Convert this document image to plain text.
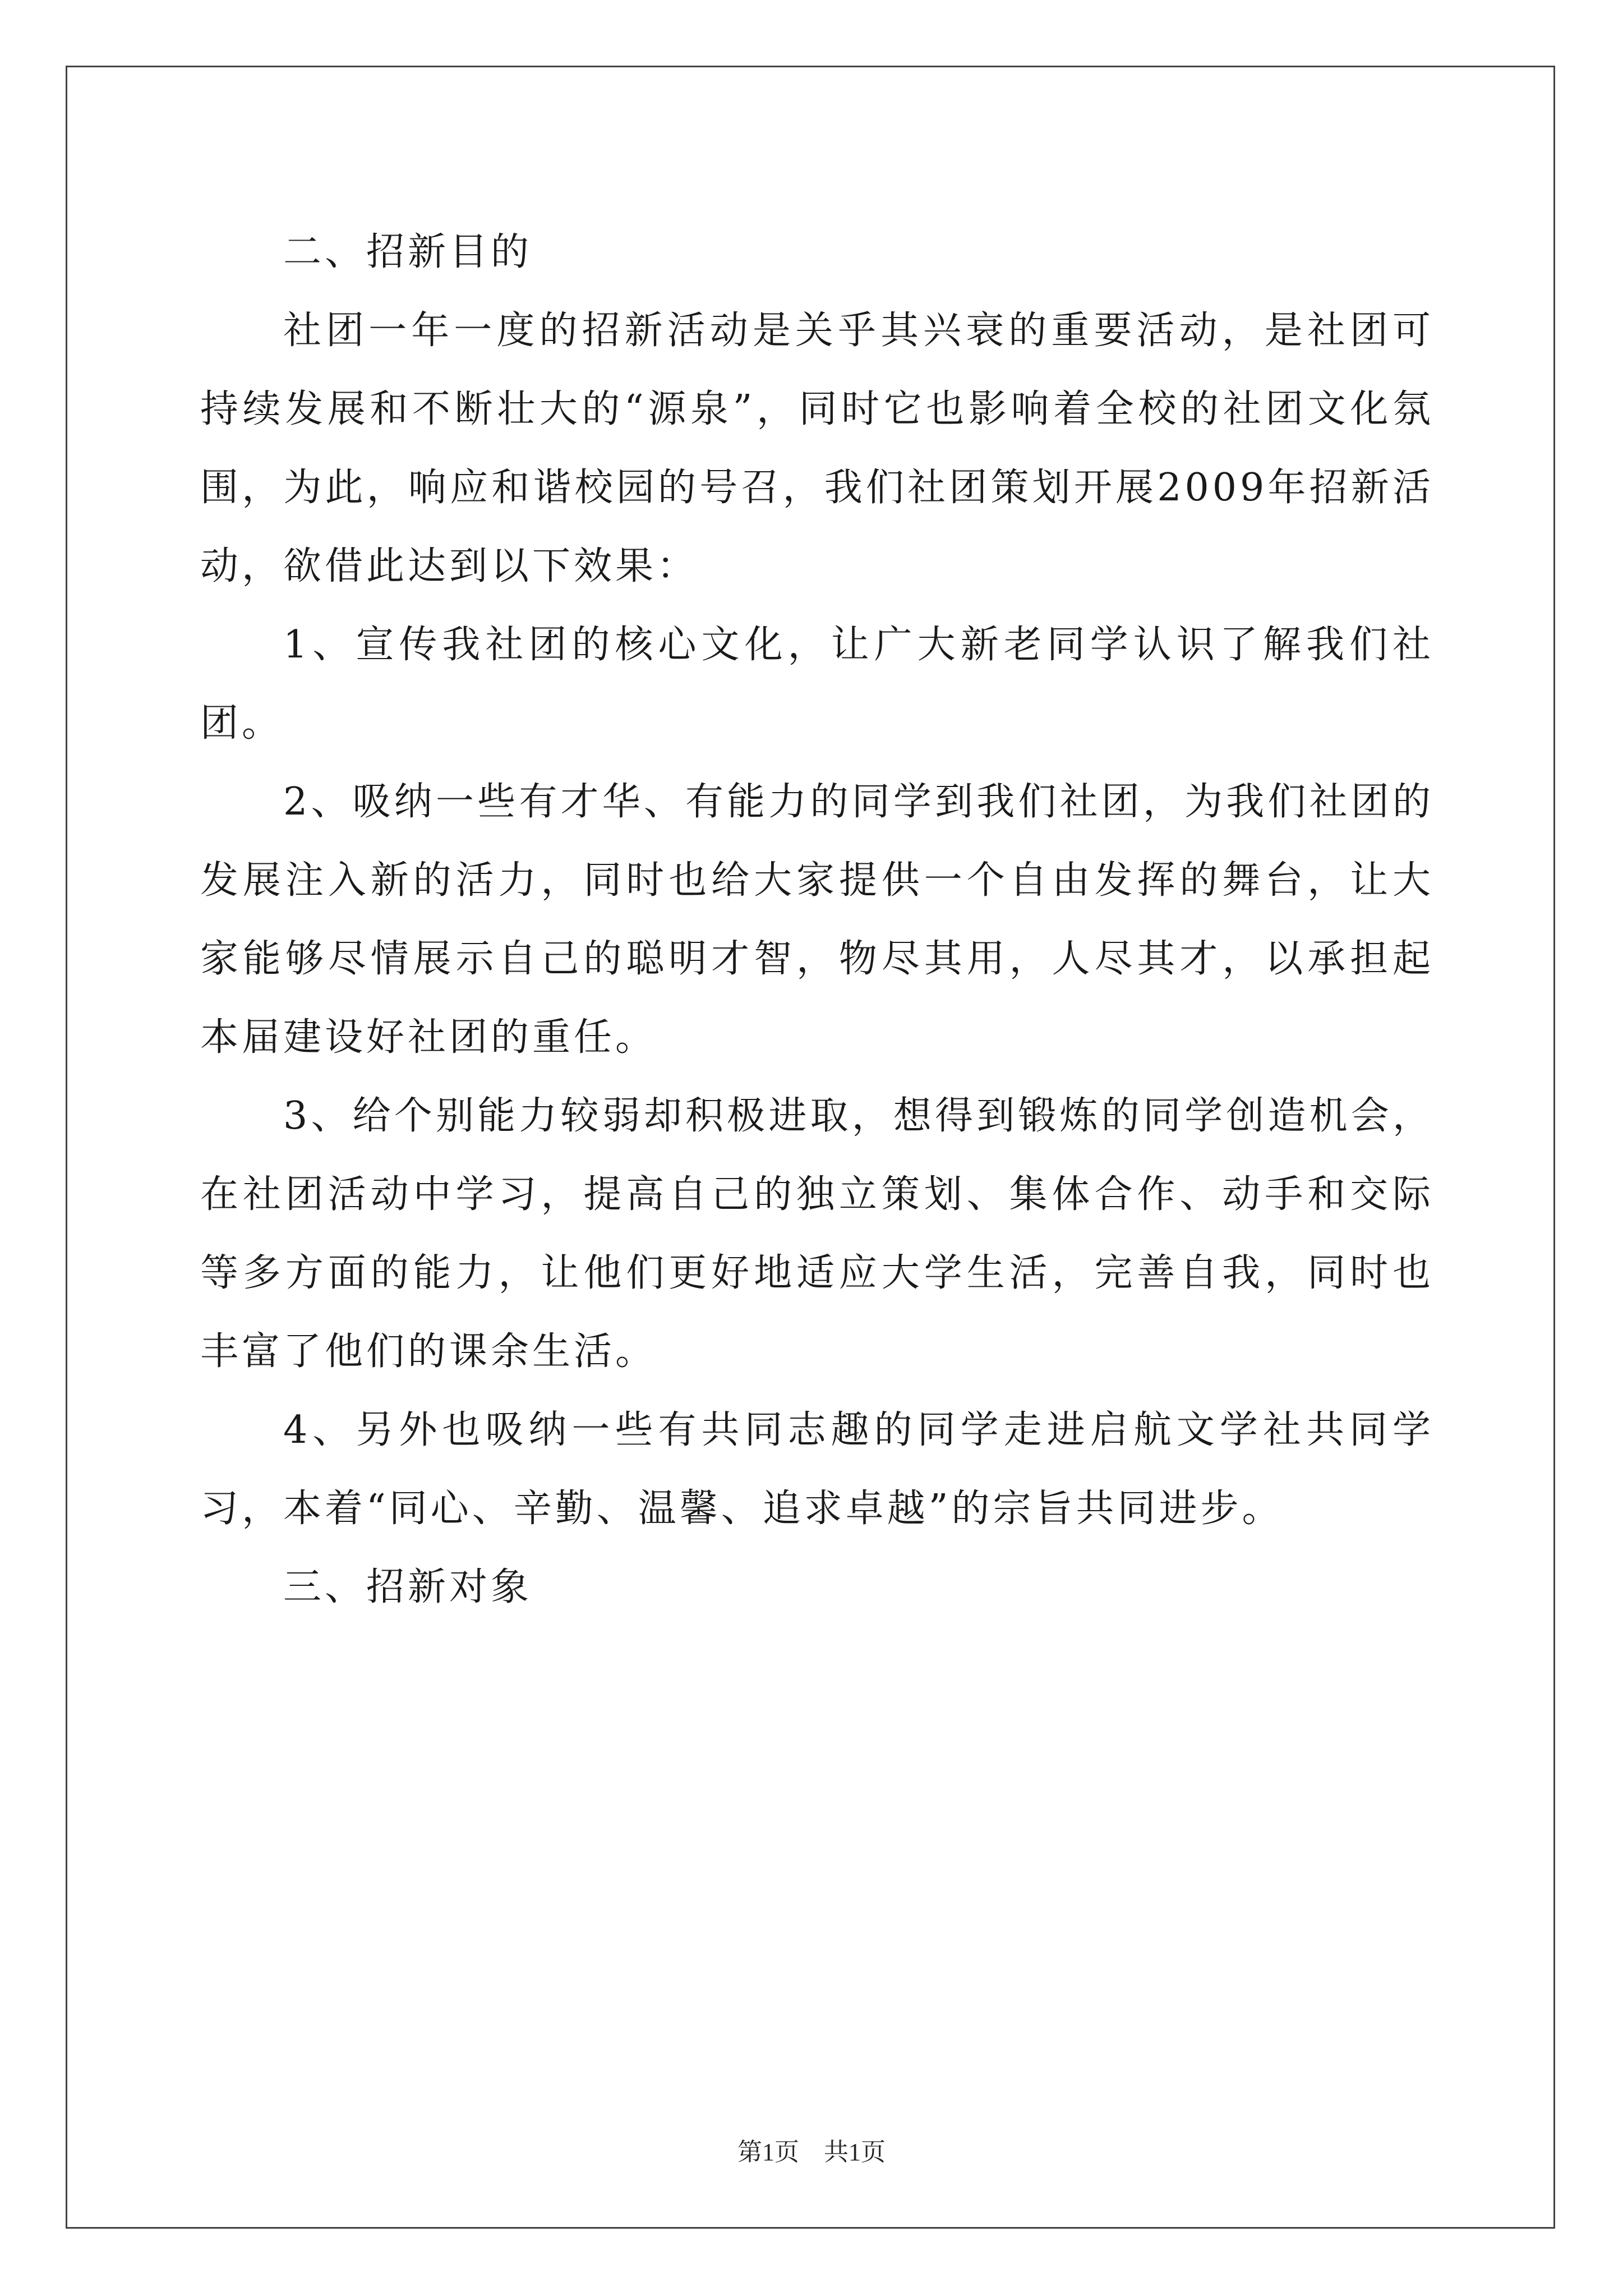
二、招新目的

社团一年一度的招新活动是关乎其兴衰的重要活动，是社团可持续发展和不断壮大的“源泉”，同时它也影响着全校的社团文化氛围，为此，响应和谐校园的号召，我们社团策划开展2009年招新活动，欲借此达到以下效果：

1、宣传我社团的核心文化，让广大新老同学认识了解我们社团。

2、吸纳一些有才华、有能力的同学到我们社团，为我们社团的发展注入新的活力，同时也给大家提供一个自由发挥的舞台，让大家能够尽情展示自己的聪明才智，物尽其用，人尽其才，以承担起本届建设好社团的重任。

3、给个别能力较弱却积极进取，想得到锻炼的同学创造机会，在社团活动中学习，提高自己的独立策划、集体合作、动手和交际等多方面的能力，让他们更好地适应大学生活，完善自我，同时也丰富了他们的课余生活。

4、另外也吸纳一些有共同志趣的同学走进启航文学社共同学习，本着“同心、辛勤、温馨、追求卓越”的宗旨共同进步。

三、招新对象

第1页　共1页
